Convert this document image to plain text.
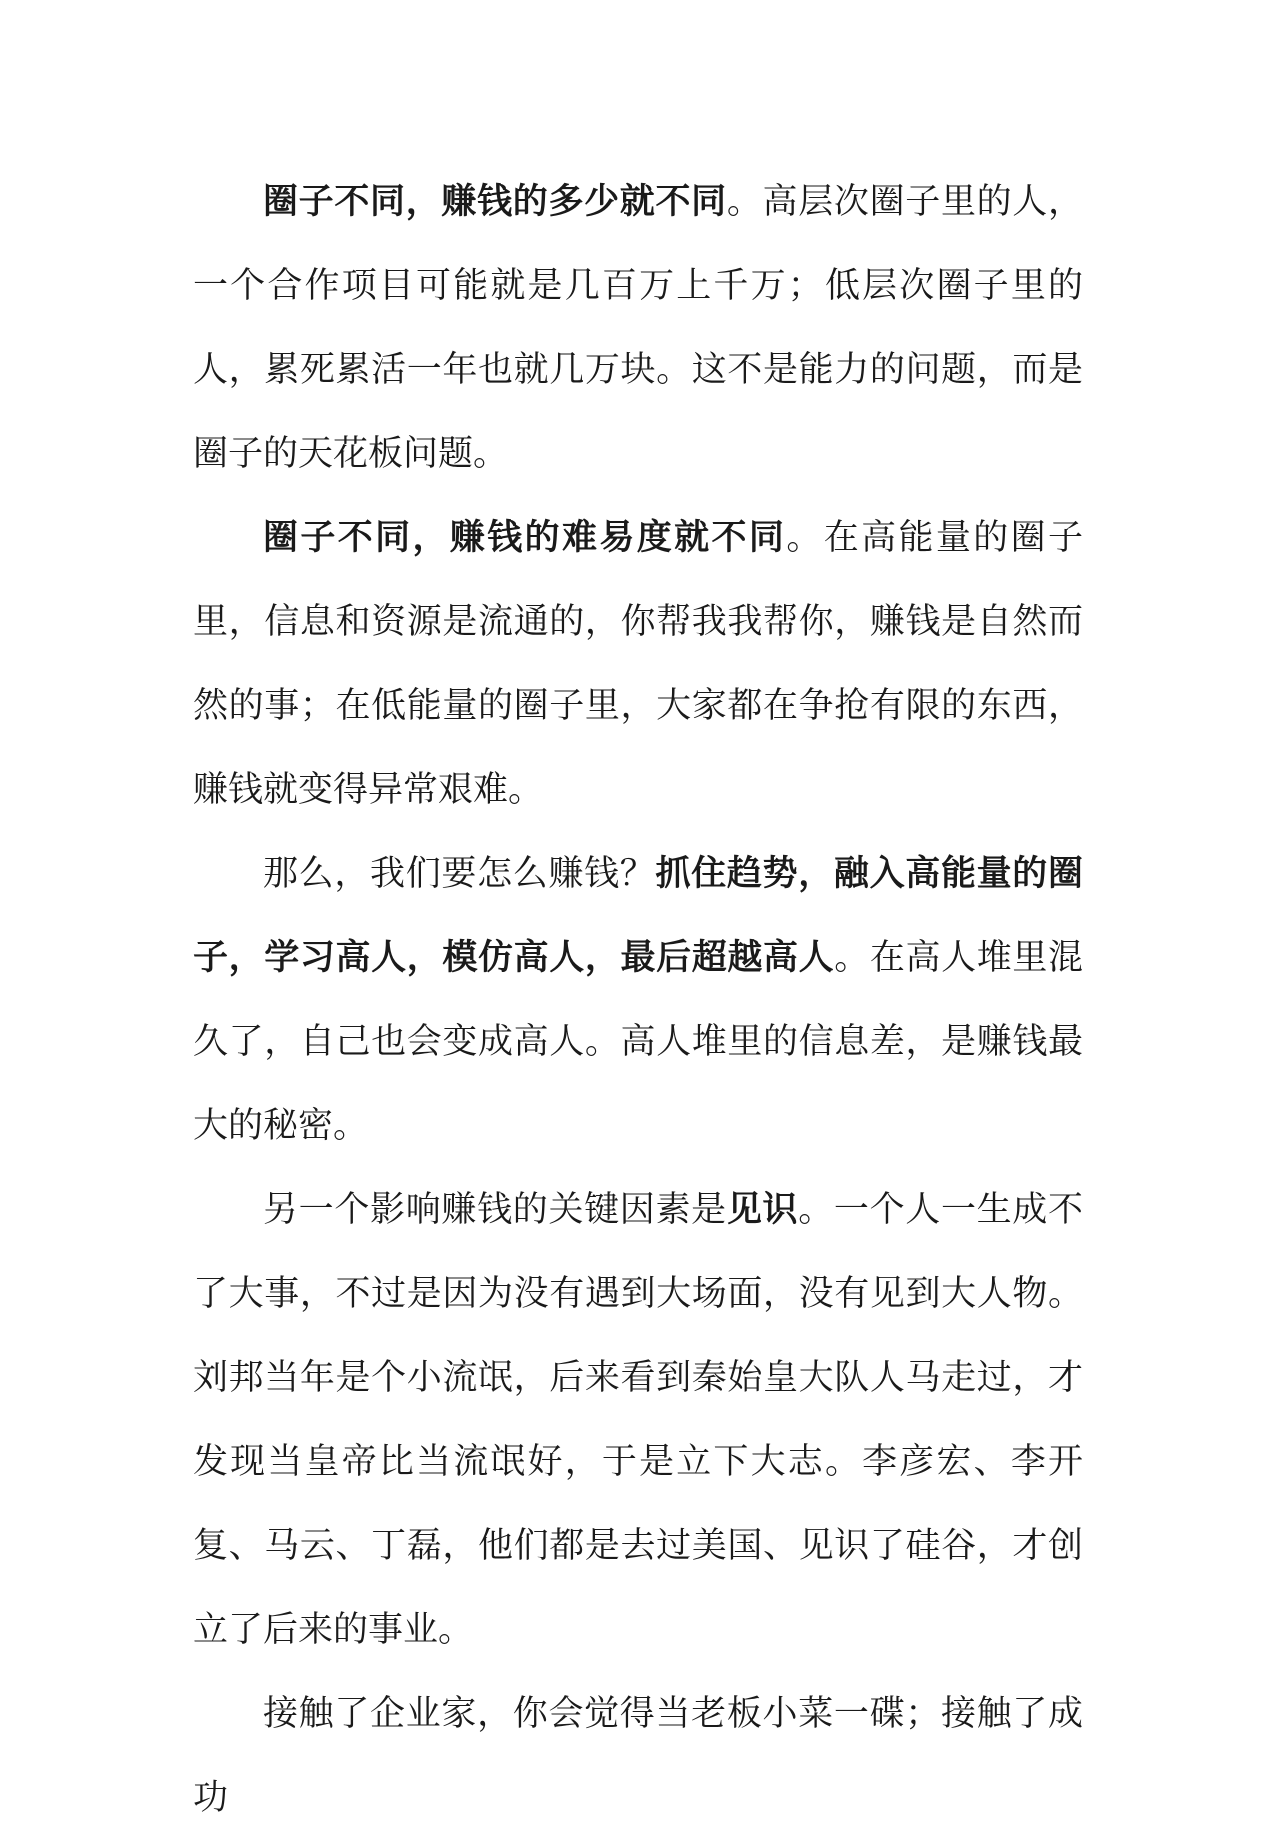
圈子不同，赚钱的多少就不同。高层次圈子里的人，一个合作项目可能就是几百万上千万；低层次圈子里的人，累死累活一年也就几万块。这不是能力的问题，而是圈子的天花板问题。

圈子不同，赚钱的难易度就不同。在高能量的圈子里，信息和资源是流通的，你帮我我帮你，赚钱是自然而然的事；在低能量的圈子里，大家都在争抢有限的东西，赚钱就变得异常艰难。

那么，我们要怎么赚钱？抓住趋势，融入高能量的圈子，学习高人，模仿高人，最后超越高人。在高人堆里混久了，自己也会变成高人。高人堆里的信息差，是赚钱最大的秘密。

另一个影响赚钱的关键因素是见识。一个人一生成不了大事，不过是因为没有遇到大场面，没有见到大人物。刘邦当年是个小流氓，后来看到秦始皇大队人马走过，才发现当皇帝比当流氓好，于是立下大志。李彦宏、李开复、马云、丁磊，他们都是去过美国、见识了硅谷，才创立了后来的事业。

接触了企业家，你会觉得当老板小菜一碟；接触了成功
